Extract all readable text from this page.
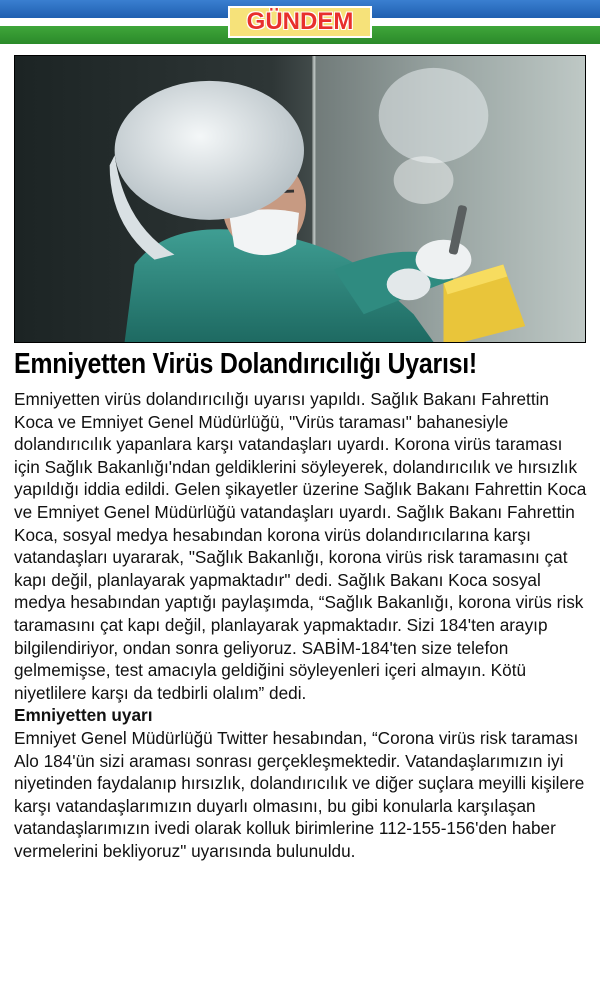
GÜNDEM
Emniyetten Virüs Dolandırıcılığı Uyarısı!

Emniyetten virüs dolandırıcılığı uyarısı yapıldı. Sağlık Bakanı Fahrettin Koca ve Emniyet Genel Müdürlüğü, "Virüs taraması" bahanesiyle dolandırıcılık yapanlara karşı vatandaşları uyardı. Korona virüs taraması için Sağlık Bakanlığı'ndan geldiklerini söyleyerek, dolandırıcılık ve hırsızlık yapıldığı iddia edildi. Gelen şikayetler üzerine Sağlık Bakanı Fahrettin Koca ve Emniyet Genel Müdürlüğü vatandaşları uyardı. Sağlık Bakanı Fahrettin Koca, sosyal medya hesabından korona virüs dolandırıcılarına karşı vatandaşları uyararak, "Sağlık Bakanlığı, korona virüs risk taramasını çat kapı değil, planlayarak yapmaktadır" dedi. Sağlık Bakanı Koca sosyal medya hesabından yaptığı paylaşımda, “Sağlık Bakanlığı, korona virüs risk taramasını çat kapı değil, planlayarak yapmaktadır. Sizi 184'ten arayıp bilgilendiriyor, ondan sonra geliyoruz. SABİM-184'ten size telefon gelmemişse, test amacıyla geldiğini söyleyenleri içeri almayın. Kötü niyetlilere karşı da tedbirli olalım” dedi.

Emniyetten uyarı

Emniyet Genel Müdürlüğü Twitter hesabından, “Corona virüs risk taraması Alo 184'ün sizi araması sonrası gerçekleşmektedir. Vatandaşlarımızın iyi niyetinden faydalanıp hırsızlık, dolandırıcılık ve diğer suçlara meyilli kişilere karşı vatandaşlarımızın duyarlı olmasını, bu gibi konularla karşılaşan vatandaşlarımızın ivedi olarak kolluk birimlerine 112-155-156'den haber vermelerini bekliyoruz" uyarısında bulunuldu.
